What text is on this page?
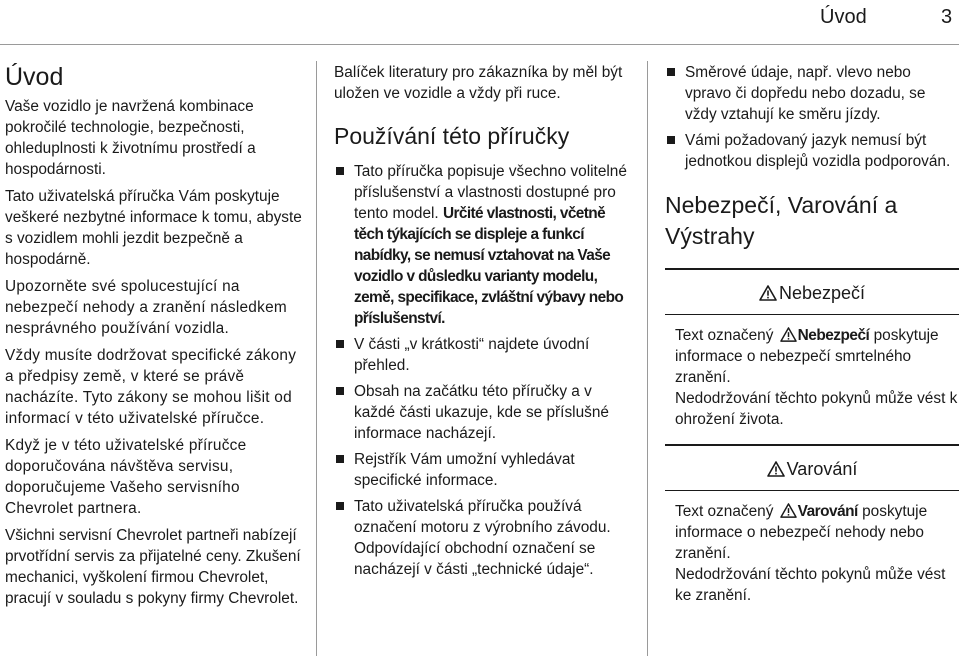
Úvod	3
Úvod

Vaše vozidlo je navržená kombinace pokročilé technologie, bezpečnosti, ohleduplnosti k životnímu prostředí a hospodárnosti.

Tato uživatelská příručka Vám poskytuje veškeré nezbytné informace k tomu, abyste s vozidlem mohli jezdit bezpečně a hospodárně.

Upozorněte své spolucestující na nebezpečí nehody a zranění následkem nesprávného používání vozidla.

Vždy musíte dodržovat specifické zákony a předpisy země, v které se právě nacházíte. Tyto zákony se mohou lišit od informací v této uživatelské příručce.

Když je v této uživatelské příručce doporučována návštěva servisu, doporučujeme Vašeho servisního Chevrolet partnera.

Všichni servisní Chevrolet partneři nabízejí prvotřídní servis za přijatelné ceny. Zkušení mechanici, vyškolení firmou Chevrolet, pracují v souladu s pokyny firmy Chevrolet.

Balíček literatury pro zákazníka by měl být uložen ve vozidle a vždy při ruce.

Používání této příručky
Tato příručka popisuje všechno volitelné příslušenství a vlastnosti dostupné pro tento model. Určité vlastnosti, včetně těch týkajících se displeje a funkcí nabídky, se nemusí vztahovat na Vaše vozidlo v důsledku varianty modelu, země, specifikace, zvláštní výbavy nebo příslušenství.
V části „v krátkosti“ najdete úvodní přehled.
Obsah na začátku této příručky a v každé části ukazuje, kde se příslušné informace nacházejí.
Rejstřík Vám umožní vyhledávat specifické informace.
Tato uživatelská příručka používá označení motoru z výrobního závodu. Odpovídající obchodní označení se nacházejí v části „technické údaje“.
Směrové údaje, např. vlevo nebo vpravo či dopředu nebo dozadu, se vždy vztahují ke směru jízdy.
Vámi požadovaný jazyk nemusí být jednotkou displejů vozidla podporován.
Nebezpečí, Varování a Výstrahy
Nebezpečí

Text označený Nebezpečí poskytuje informace o nebezpečí smrtelného zranění.

Nedodržování těchto pokynů může vést k ohrožení života.

Varování

Text označený Varování poskytuje informace o nebezpečí nehody nebo zranění.

Nedodržování těchto pokynů může vést ke zranění.
